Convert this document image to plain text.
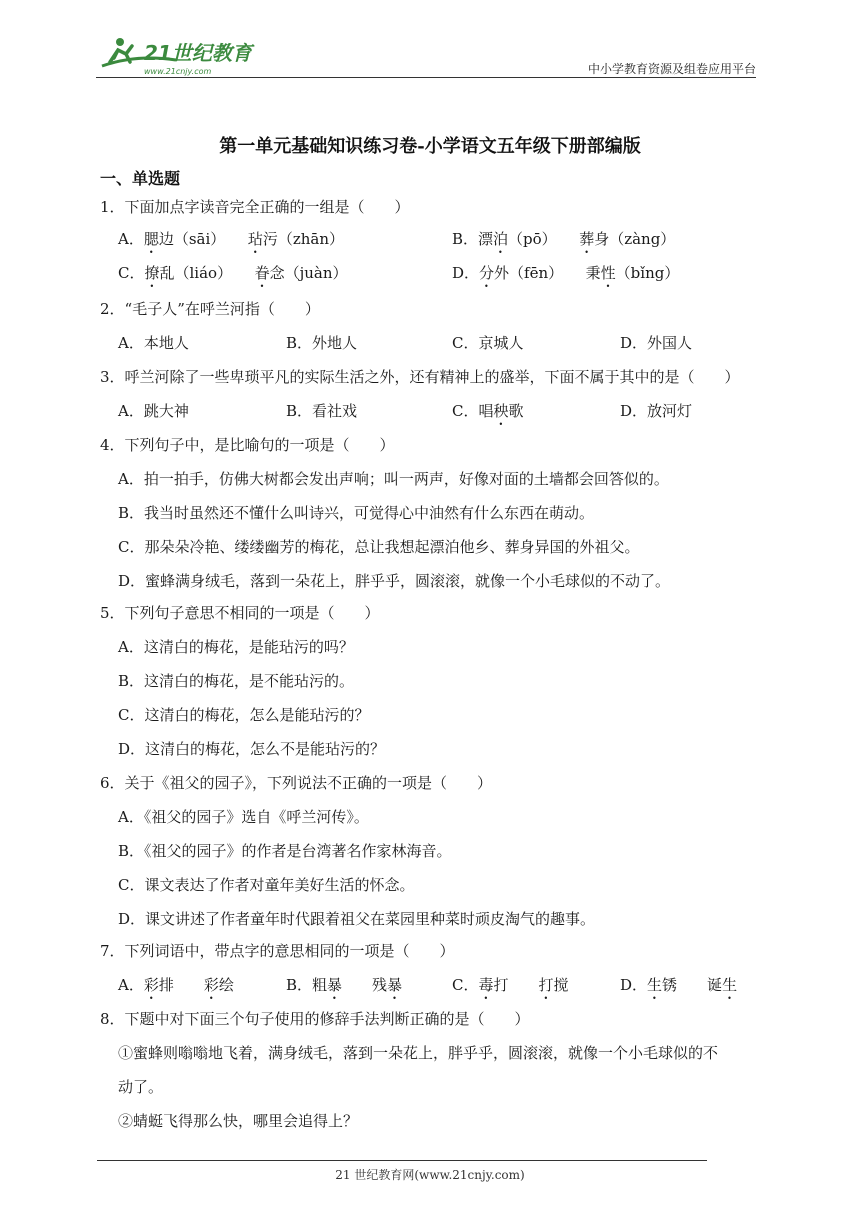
21世纪教育
www.21cnjy.com	中小学教育资源及组卷应用平台
第一单元基础知识练习卷-小学语文五年级下册部编版
一、单选题
1．下面加点字读音完全正确的一组是（　　）
A．腮边（sāi）　　玷污（zhān）	B．漂泊（pō）　　葬身（zàng）
C．撩乱（liáo）　　眷念（juàn）	D．分外（fēn）　　秉性（bǐng）
2．“毛子人”在呼兰河指（　　）
A．本地人	B．外地人	C．京城人	D．外国人
3．呼兰河除了一些卑琐平凡的实际生活之外，还有精神上的盛举，下面不属于其中的是（　　）
A．跳大神	B．看社戏	C．唱秧歌	D．放河灯
4．下列句子中，是比喻句的一项是（　　）
A．拍一拍手，仿佛大树都会发出声响；叫一两声，好像对面的土墙都会回答似的。
B．我当时虽然还不懂什么叫诗兴，可觉得心中油然有什么东西在萌动。
C．那朵朵冷艳、缕缕幽芳的梅花，总让我想起漂泊他乡、葬身异国的外祖父。
D．蜜蜂满身绒毛，落到一朵花上，胖乎乎，圆滚滚，就像一个小毛球似的不动了。
5．下列句子意思不相同的一项是（　　）
A．这清白的梅花，是能玷污的吗？
B．这清白的梅花，是不能玷污的。
C．这清白的梅花，怎么是能玷污的？
D．这清白的梅花，怎么不是能玷污的？
6．关于《祖父的园子》，下列说法不正确的一项是（　　）
A．《祖父的园子》选自《呼兰河传》。
B．《祖父的园子》的作者是台湾著名作家林海音。
C．课文表达了作者对童年美好生活的怀念。
D．课文讲述了作者童年时代跟着祖父在菜园里种菜时顽皮淘气的趣事。
7．下列词语中，带点字的意思相同的一项是（　　）
A．彩排　　彩绘	B．粗暴　　残暴	C．毒打　　打搅	D．生锈　　诞生
8．下题中对下面三个句子使用的修辞手法判断正确的是（　　）
①蜜蜂则嗡嗡地飞着，满身绒毛，落到一朵花上，胖乎乎，圆滚滚，就像一个小毛球似的不
动了。
②蜻蜓飞得那么快，哪里会追得上？
21 世纪教育网(www.21cnjy.com)
